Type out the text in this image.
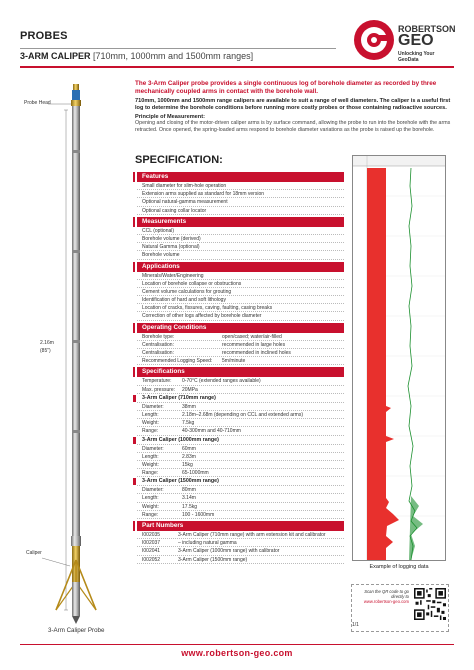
PROBES
3-ARM CALIPER [710mm, 1000mm and 1500mm ranges]
ROBERTSON
GEO
Unlocking Your GeoData
Probe Head
2.16m
(85")
Caliper
3-Arm Caliper Probe
The 3-Arm Caliper probe provides a single continuous log of borehole diameter as recorded by three mechanically coupled arms in contact with the borehole wall.
710mm, 1000mm and 1500mm range calipers are available to suit a range of well diameters. The caliper is a useful first log to determine the borehole conditions before running more costly probes or those containing radioactive sources.
Principle of Measurement:
Opening and closing of the motor-driven caliper arms is by surface command, allowing the probe to run into the borehole with the arms retracted. Once opened, the spring-loaded arms respond to borehole diameter variations as the probe is raised up the borehole.
SPECIFICATION:
Features
Small diameter for slim-hole operation
Extension arms supplied as standard for 18mm version
Optional natural-gamma measurement
Optional casing collar locator
Measurements
CCL (optional)
Borehole volume (derived)
Natural Gamma (optional)
Borehole volume
Applications
Minerals/Water/Engineering
Location of borehole collapse or obstructions
Cement volume calculations for grouting
Identification of hard and soft lithology
Location of cracks, fissures, caving, faulting, casing breaks
Correction of other logs affected by borehole diameter
Operating Conditions
Borehole type:	open/cased; water/air-filled
Centralisation:	recommended in large holes
Centralisation:	recommended in inclined holes
Recommended Logging Speed: 5m/minute
Specifications
Temperature: 0-70°C (extended ranges available)
Max. pressure: 20MPa
3-Arm Caliper (710mm range)
Diameter:	38mm
Length:	2.18m–2.68m (depending on CCL and extended arms)
Weight:	7.5kg
Range:	40-300mm and 40-710mm
3-Arm Caliper (1000mm range)
Diameter:	60mm
Length:	2.83m
Weight:	15kg
Range:	65-1000mm
3-Arm Caliper (1500mm range)
Diameter:	80mm
Length:	3.14m
Weight:	17.5kg
Range:	100 - 1600mm
Part Numbers
I002035	3-Arm Caliper (710mm range) with arm extension kit and calibrator
I002037	– including natural gamma
I002041	3-Arm Caliper (1000mm range) with calibrator
I002052	3-Arm Caliper (1500mm range)
Example of logging data
Scan the QR code to go directly to
www.robertson-geo.com
1/1
www.robertson-geo.com
